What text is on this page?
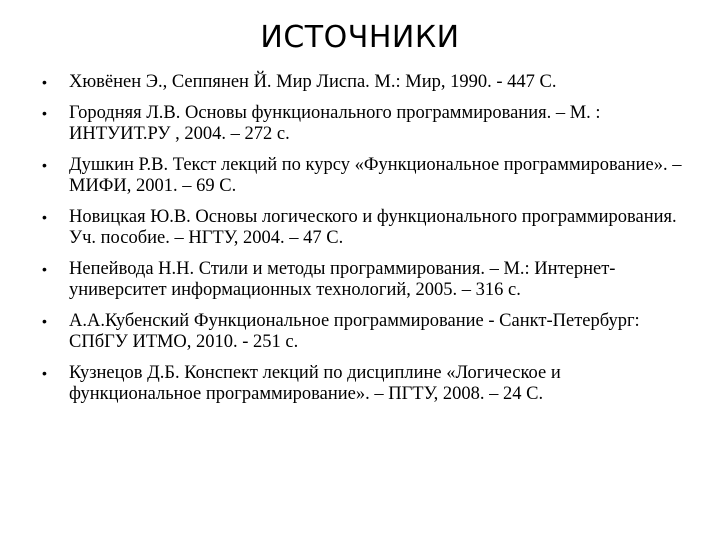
ИСТОЧНИКИ
• Хювёнен Э., Сеппянен Й. Мир Лиспа. М.: Мир, 1990. - 447 С.
• Городняя Л.В. Основы функционального программирования. – М. : ИНТУИТ.РУ , 2004. – 272 с.
• Душкин Р.В. Текст лекций по курсу «Функциональное программирование». – МИФИ, 2001. – 69 С.
• Новицкая Ю.В. Основы логического и функционального программирования. Уч. пособие. – НГТУ, 2004. – 47 С.
• Непейвода Н.Н. Стили и методы программирования. – М.: Интернет-университет информационных технологий, 2005. – 316 с.
• А.А.Кубенский Функциональное программирование - Санкт-Петербург: СПбГУ ИТМО, 2010. - 251 с.
• Кузнецов Д.Б. Конспект лекций по дисциплине «Логическое и функциональное программирование». – ПГТУ, 2008. – 24 С.
